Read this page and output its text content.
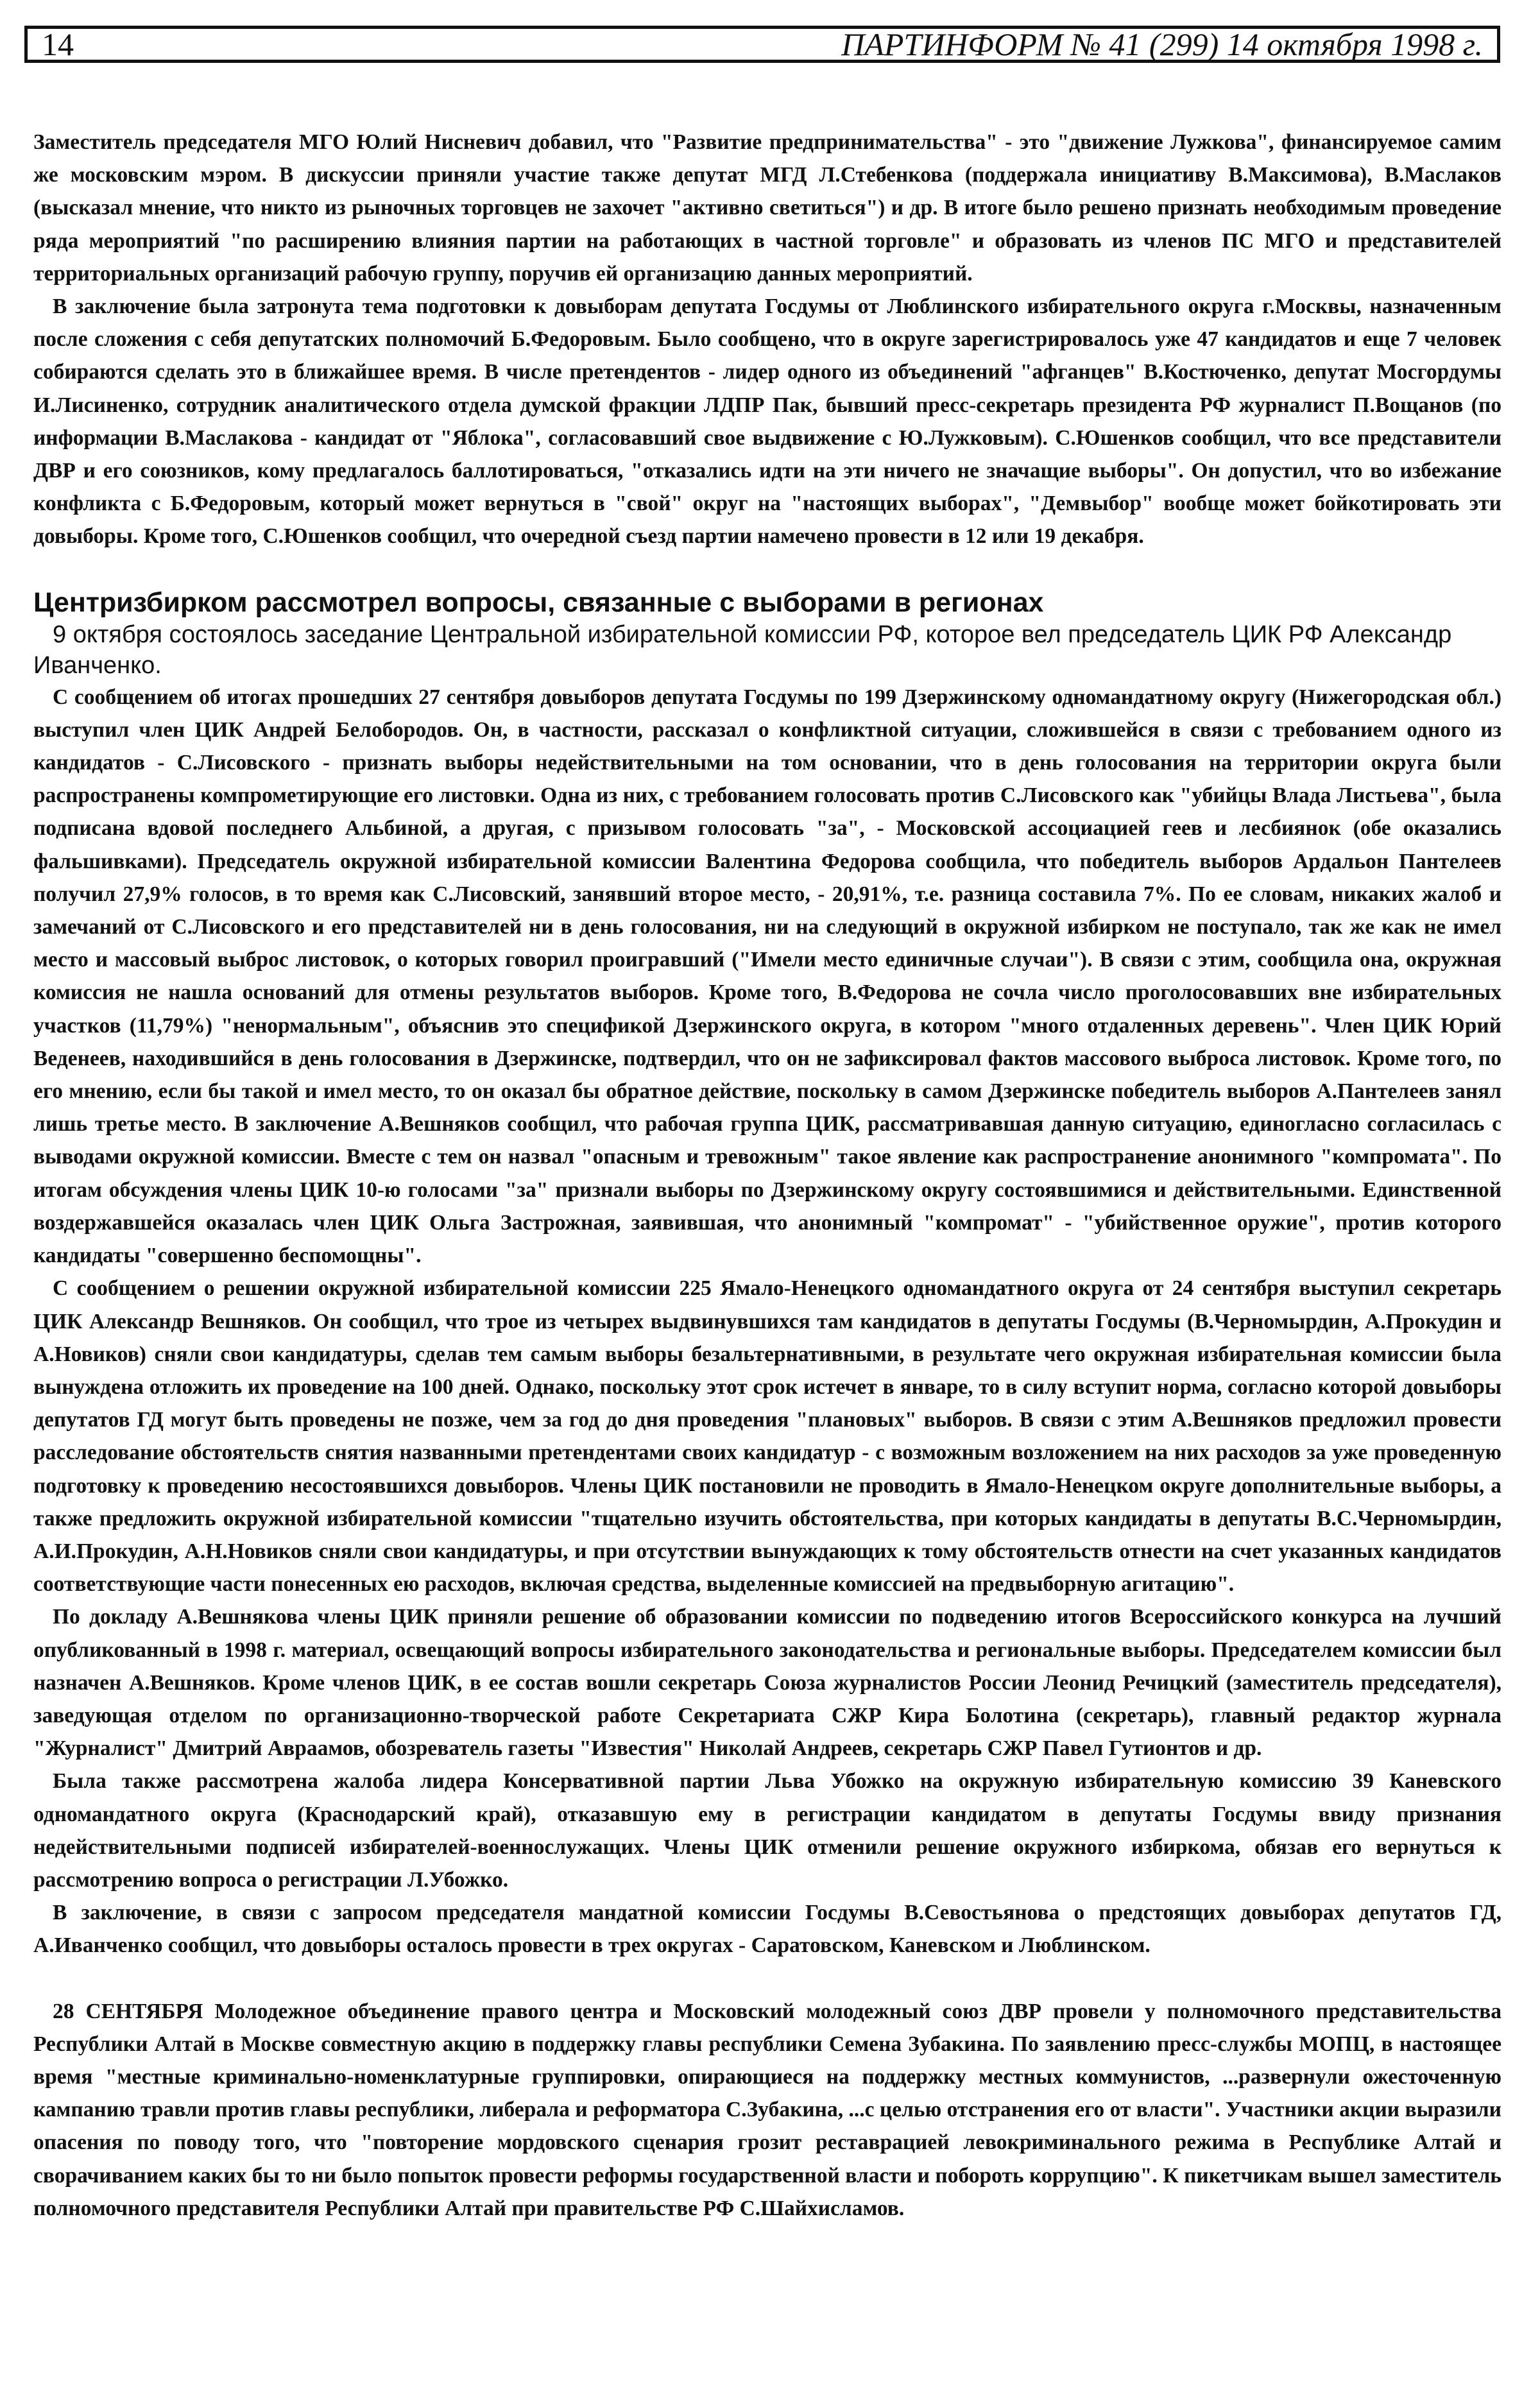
14	ПАРТИНФОРМ № 41 (299) 14 октября 1998 г.

Заместитель председателя МГО Юлий Нисневич добавил, что "Развитие предпринимательства" - это "движение Лужкова", финансируемое самим же московским мэром. В дискуссии приняли участие также депутат МГД Л.Стебенкова (поддержала инициативу В.Максимова), В.Маслаков (высказал мнение, что никто из рыночных торговцев не захочет "активно светиться") и др. В итоге было решено признать необходимым проведение ряда мероприятий "по расширению влияния партии на работающих в частной торговле" и образовать из членов ПС МГО и представителей территориальных организаций рабочую группу, поручив ей организацию данных мероприятий.

В заключение была затронута тема подготовки к довыборам депутата Госдумы от Люблинского избирательного округа г.Москвы, назначенным после сложения с себя депутатских полномочий Б.Федоровым. Было сообщено, что в округе зарегистрировалось уже 47 кандидатов и еще 7 человек собираются сделать это в ближайшее время. В числе претендентов - лидер одного из объединений "афганцев" В.Костюченко, депутат Мосгордумы И.Лисиненко, сотрудник аналитического отдела думской фракции ЛДПР Пак, бывший пресс-секретарь президента РФ журналист П.Вощанов (по информации В.Маслакова - кандидат от "Яблока", согласовавший свое выдвижение с Ю.Лужковым). С.Юшенков сообщил, что все представители ДВР и его союзников, кому предлагалось баллотироваться, "отказались идти на эти ничего не значащие выборы". Он допустил, что во избежание конфликта с Б.Федоровым, который может вернуться в "свой" округ на "настоящих выборах", "Демвыбор" вообще может бойкотировать эти довыборы. Кроме того, С.Юшенков сообщил, что очередной съезд партии намечено провести в 12 или 19 декабря.

Центризбирком рассмотрел вопросы, связанные с выборами в регионах

9 октября состоялось заседание Центральной избирательной комиссии РФ, которое вел председатель ЦИК РФ Александр Иванченко.

С сообщением об итогах прошедших 27 сентября довыборов депутата Госдумы по 199 Дзержинскому одномандатному округу (Нижегородская обл.) выступил член ЦИК Андрей Белобородов. Он, в частности, рассказал о конфликтной ситуации, сложившейся в связи с требованием одного из кандидатов - С.Лисовского - признать выборы недействительными на том основании, что в день голосования на территории округа были распространены компрометирующие его листовки. Одна из них, с требованием голосовать против С.Лисовского как "убийцы Влада Листьева", была подписана вдовой последнего Альбиной, а другая, с призывом голосовать "за", - Московской ассоциацией геев и лесбиянок (обе оказались фальшивками). Председатель окружной избирательной комиссии Валентина Федорова сообщила, что победитель выборов Ардальон Пантелеев получил 27,9% голосов, в то время как С.Лисовский, занявший второе место, - 20,91%, т.е. разница составила 7%. По ее словам, никаких жалоб и замечаний от С.Лисовского и его представителей ни в день голосования, ни на следующий в окружной избирком не поступало, так же как не имел место и массовый выброс листовок, о которых говорил проигравший ("Имели место единичные случаи"). В связи с этим, сообщила она, окружная комиссия не нашла оснований для отмены результатов выборов. Кроме того, В.Федорова не сочла число проголосовавших вне избирательных участков (11,79%) "ненормальным", объяснив это спецификой Дзержинского округа, в котором "много отдаленных деревень". Член ЦИК Юрий Веденеев, находившийся в день голосования в Дзержинске, подтвердил, что он не зафиксировал фактов массового выброса листовок. Кроме того, по его мнению, если бы такой и имел место, то он оказал бы обратное действие, поскольку в самом Дзержинске победитель выборов А.Пантелеев занял лишь третье место. В заключение А.Вешняков сообщил, что рабочая группа ЦИК, рассматривавшая данную ситуацию, единогласно согласилась с выводами окружной комиссии. Вместе с тем он назвал "опасным и тревожным" такое явление как распространение анонимного "компромата". По итогам обсуждения члены ЦИК 10-ю голосами "за" признали выборы по Дзержинскому округу состоявшимися и действительными. Единственной воздержавшейся оказалась член ЦИК Ольга Застрожная, заявившая, что анонимный "компромат" - "убийственное оружие", против которого кандидаты "совершенно беспомощны".

С сообщением о решении окружной избирательной комиссии 225 Ямало-Ненецкого одномандатного округа от 24 сентября выступил секретарь ЦИК Александр Вешняков. Он сообщил, что трое из четырех выдвинувшихся там кандидатов в депутаты Госдумы (В.Черномырдин, А.Прокудин и А.Новиков) сняли свои кандидатуры, сделав тем самым выборы безальтернативными, в результате чего окружная избирательная комиссии была вынуждена отложить их проведение на 100 дней. Однако, поскольку этот срок истечет в январе, то в силу вступит норма, согласно которой довыборы депутатов ГД могут быть проведены не позже, чем за год до дня проведения "плановых" выборов. В связи с этим А.Вешняков предложил провести расследование обстоятельств снятия названными претендентами своих кандидатур - с возможным возложением на них расходов за уже проведенную подготовку к проведению несостоявшихся довыборов. Члены ЦИК постановили не проводить в Ямало-Ненецком округе дополнительные выборы, а также предложить окружной избирательной комиссии "тщательно изучить обстоятельства, при которых кандидаты в депутаты В.С.Черномырдин, А.И.Прокудин, А.Н.Новиков сняли свои кандидатуры, и при отсутствии вынуждающих к тому обстоятельств отнести на счет указанных кандидатов соответствующие части понесенных ею расходов, включая средства, выделенные комиссией на предвыборную агитацию".

По докладу А.Вешнякова члены ЦИК приняли решение об образовании комиссии по подведению итогов Всероссийского конкурса на лучший опубликованный в 1998 г. материал, освещающий вопросы избирательного законодательства и региональные выборы. Председателем комиссии был назначен А.Вешняков. Кроме членов ЦИК, в ее состав вошли секретарь Союза журналистов России Леонид Речицкий (заместитель председателя), заведующая отделом по организационно-творческой работе Секретариата СЖР Кира Болотина (секретарь), главный редактор журнала "Журналист" Дмитрий Авраамов, обозреватель газеты "Известия" Николай Андреев, секретарь СЖР Павел Гутионтов и др.

Была также рассмотрена жалоба лидера Консервативной партии Льва Убожко на окружную избирательную комиссию 39 Каневского одномандатного округа (Краснодарский край), отказавшую ему в регистрации кандидатом в депутаты Госдумы ввиду признания недействительными подписей избирателей-военнослужащих. Члены ЦИК отменили решение окружного избиркома, обязав его вернуться к рассмотрению вопроса о регистрации Л.Убожко.

В заключение, в связи с запросом председателя мандатной комиссии Госдумы В.Севостьянова о предстоящих довыборах депутатов ГД, А.Иванченко сообщил, что довыборы осталось провести в трех округах - Саратовском, Каневском и Люблинском.

28 СЕНТЯБРЯ Молодежное объединение правого центра и Московский молодежный союз ДВР провели у полномочного представительства Республики Алтай в Москве совместную акцию в поддержку главы республики Семена Зубакина. По заявлению пресс-службы МОПЦ, в настоящее время "местные криминально-номенклатурные группировки, опирающиеся на поддержку местных коммунистов, ...развернули ожесточенную кампанию травли против главы республики, либерала и реформатора С.Зубакина, ...с целью отстранения его от власти". Участники акции выразили опасения по поводу того, что "повторение мордовского сценария грозит реставрацией левокриминального режима в Республике Алтай и сворачиванием каких бы то ни было попыток провести реформы государственной власти и побороть коррупцию". К пикетчикам вышел заместитель полномочного представителя Республики Алтай при правительстве РФ С.Шайхисламов.
